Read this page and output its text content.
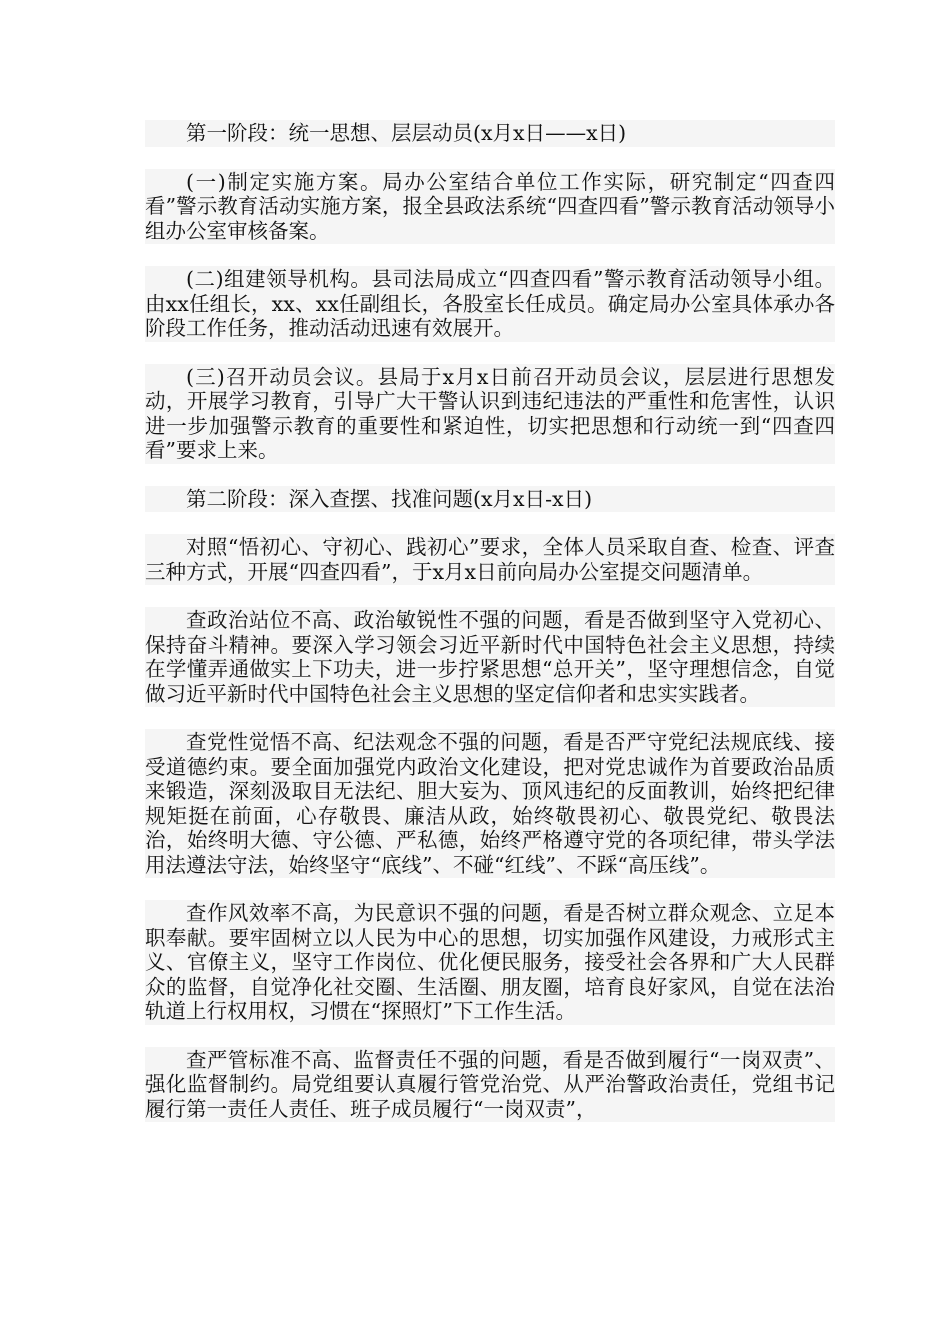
第一阶段：统一思想、层层动员(x月x日——x日)

(一)制定实施方案。局办公室结合单位工作实际，研究制定“四查四看”警示教育活动实施方案，报全县政法系统“四查四看”警示教育活动领导小组办公室审核备案。

(二)组建领导机构。县司法局成立“四查四看”警示教育活动领导小组。由xx任组长，xx、xx任副组长，各股室长任成员。确定局办公室具体承办各阶段工作任务，推动活动迅速有效展开。

(三)召开动员会议。县局于x月x日前召开动员会议，层层进行思想发动，开展学习教育，引导广大干警认识到违纪违法的严重性和危害性，认识进一步加强警示教育的重要性和紧迫性，切实把思想和行动统一到“四查四看”要求上来。

第二阶段：深入查摆、找准问题(x月x日-x日)

对照“悟初心、守初心、践初心”要求，全体人员采取自查、检查、评查三种方式，开展“四查四看”，于x月x日前向局办公室提交问题清单。

查政治站位不高、政治敏锐性不强的问题，看是否做到坚守入党初心、保持奋斗精神。要深入学习领会习近平新时代中国特色社会主义思想，持续在学懂弄通做实上下功夫，进一步拧紧思想“总开关”，坚守理想信念，自觉做习近平新时代中国特色社会主义思想的坚定信仰者和忠实实践者。

查党性觉悟不高、纪法观念不强的问题，看是否严守党纪法规底线、接受道德约束。要全面加强党内政治文化建设，把对党忠诚作为首要政治品质来锻造，深刻汲取目无法纪、胆大妄为、顶风违纪的反面教训，始终把纪律规矩挺在前面，心存敬畏、廉洁从政，始终敬畏初心、敬畏党纪、敬畏法治，始终明大德、守公德、严私德，始终严格遵守党的各项纪律，带头学法用法遵法守法，始终坚守“底线”、不碰“红线”、不踩“高压线”。

查作风效率不高，为民意识不强的问题，看是否树立群众观念、立足本职奉献。要牢固树立以人民为中心的思想，切实加强作风建设，力戒形式主义、官僚主义，坚守工作岗位、优化便民服务，接受社会各界和广大人民群众的监督，自觉净化社交圈、生活圈、朋友圈，培育良好家风，自觉在法治轨道上行权用权，习惯在“探照灯”下工作生活。

查严管标准不高、监督责任不强的问题，看是否做到履行“一岗双责”、强化监督制约。局党组要认真履行管党治党、从严治警政治责任，党组书记履行第一责任人责任、班子成员履行“一岗双责”，
